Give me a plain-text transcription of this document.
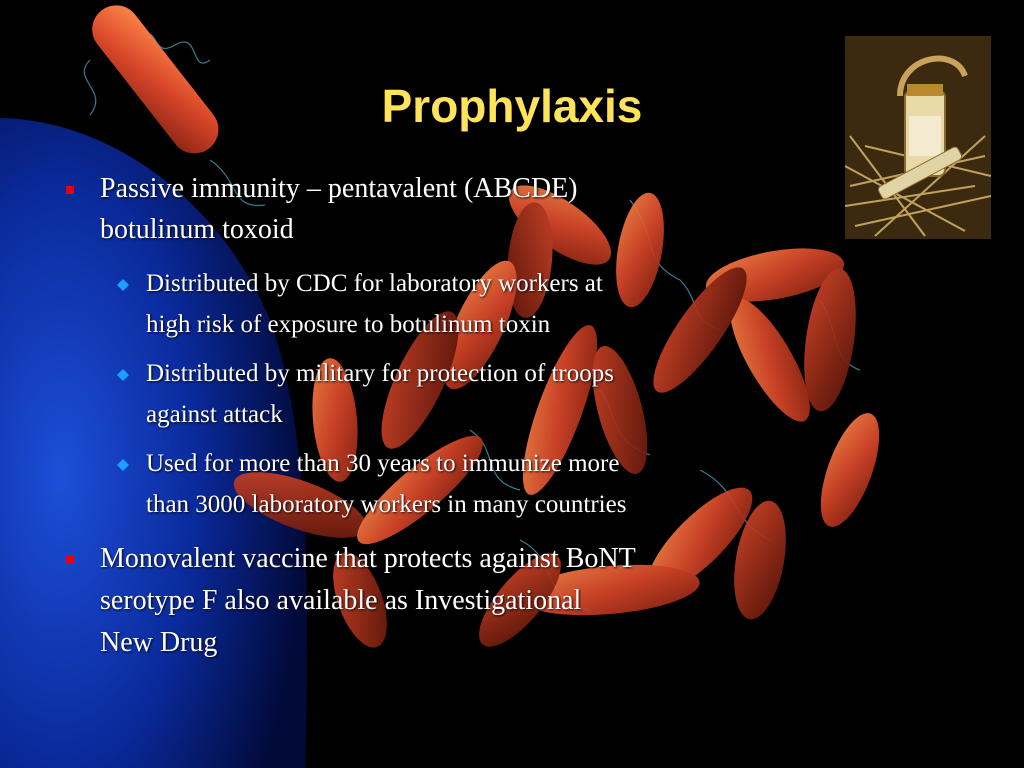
Prophylaxis
Passive immunity – pentavalent (ABCDE)
botulinum toxoid
Distributed by CDC for laboratory workers at
high risk of exposure to botulinum toxin
Distributed by military for protection of troops
against attack
Used for more than 30 years to immunize more
than 3000 laboratory workers in many countries
Monovalent vaccine that protects against BoNT
serotype F also available as Investigational
New Drug
